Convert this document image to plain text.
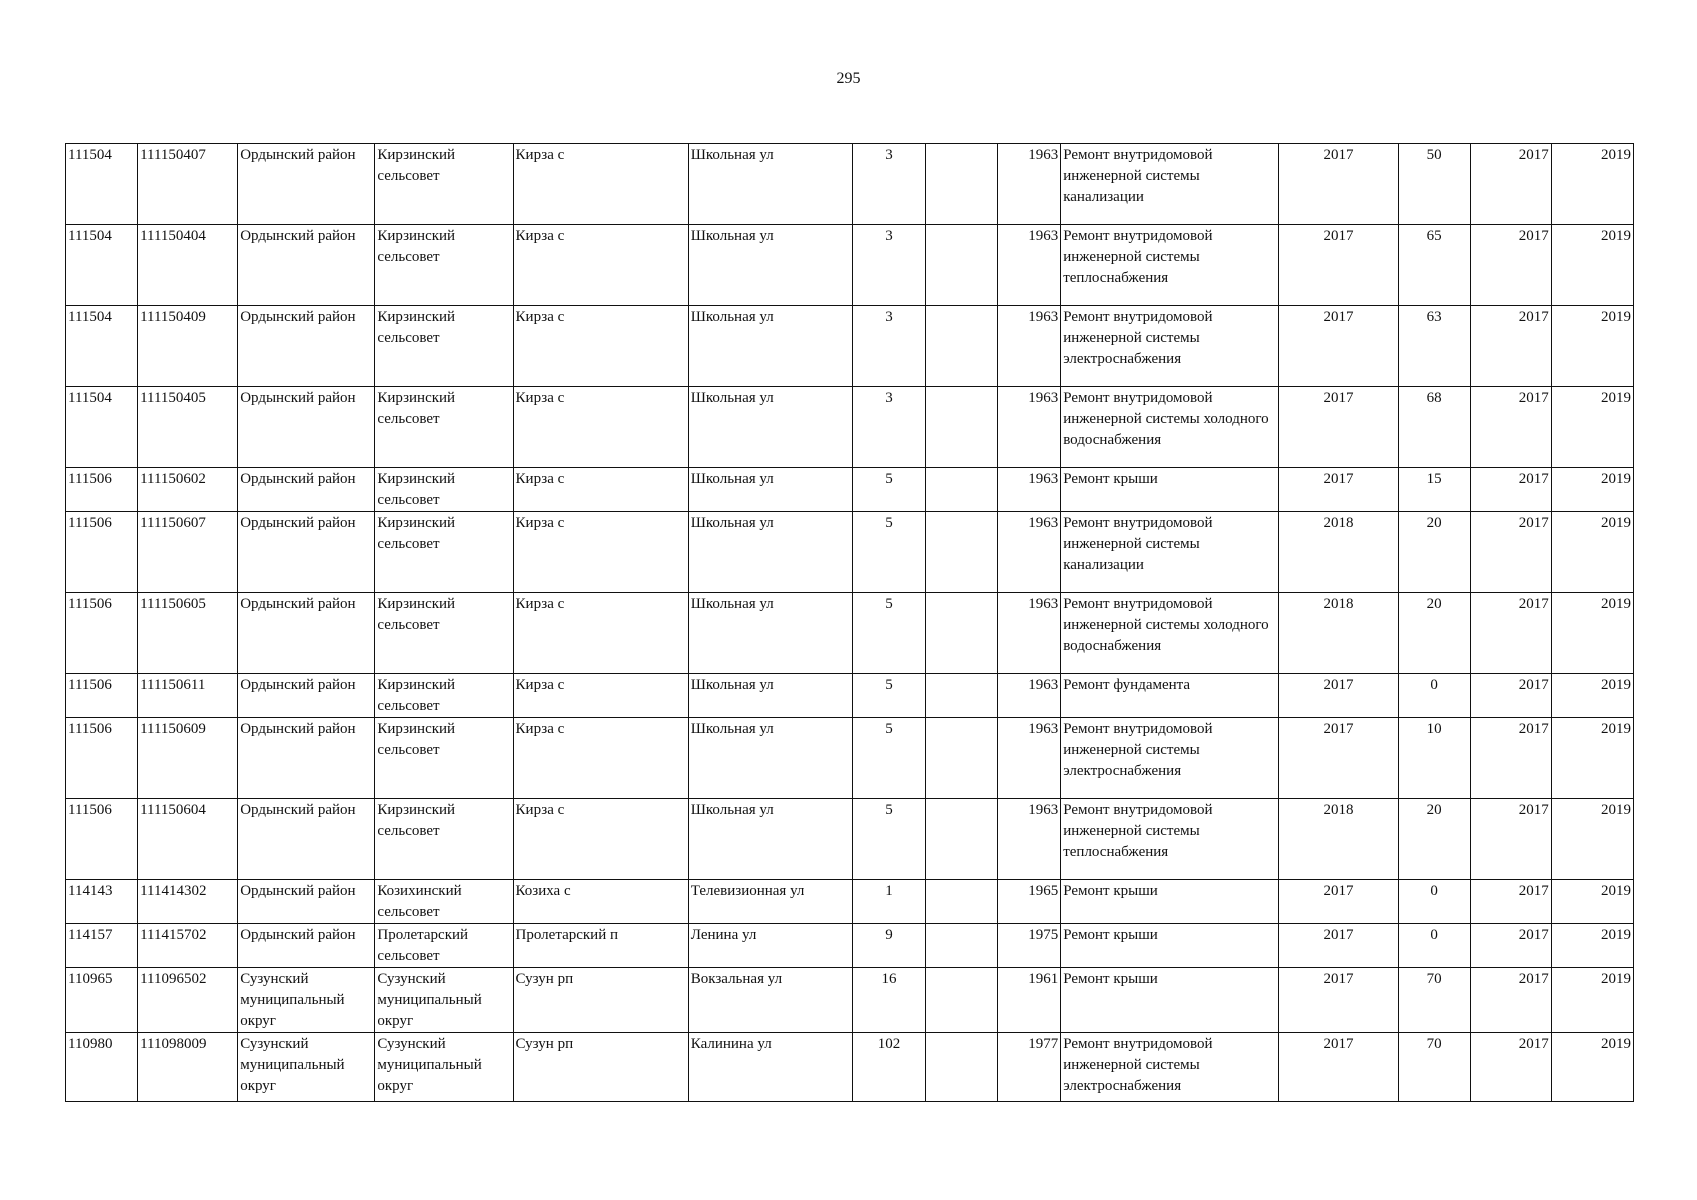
295
111504	111150407	Ордынский район	Кирзинский сельсовет	Кирза с	Школьная ул	3		1963	Ремонт внутридомовой инженерной системы канализации	2017	50	2017	2019
111504	111150404	Ордынский район	Кирзинский сельсовет	Кирза с	Школьная ул	3		1963	Ремонт внутридомовой инженерной системы теплоснабжения	2017	65	2017	2019
111504	111150409	Ордынский район	Кирзинский сельсовет	Кирза с	Школьная ул	3		1963	Ремонт внутридомовой инженерной системы электроснабжения	2017	63	2017	2019
111504	111150405	Ордынский район	Кирзинский сельсовет	Кирза с	Школьная ул	3		1963	Ремонт внутридомовой инженерной системы холодного водоснабжения	2017	68	2017	2019
111506	111150602	Ордынский район	Кирзинский сельсовет	Кирза с	Школьная ул	5		1963	Ремонт крыши	2017	15	2017	2019
111506	111150607	Ордынский район	Кирзинский сельсовет	Кирза с	Школьная ул	5		1963	Ремонт внутридомовой инженерной системы канализации	2018	20	2017	2019
111506	111150605	Ордынский район	Кирзинский сельсовет	Кирза с	Школьная ул	5		1963	Ремонт внутридомовой инженерной системы холодного водоснабжения	2018	20	2017	2019
111506	111150611	Ордынский район	Кирзинский сельсовет	Кирза с	Школьная ул	5		1963	Ремонт фундамента	2017	0	2017	2019
111506	111150609	Ордынский район	Кирзинский сельсовет	Кирза с	Школьная ул	5		1963	Ремонт внутридомовой инженерной системы электроснабжения	2017	10	2017	2019
111506	111150604	Ордынский район	Кирзинский сельсовет	Кирза с	Школьная ул	5		1963	Ремонт внутридомовой инженерной системы теплоснабжения	2018	20	2017	2019
114143	111414302	Ордынский район	Козихинский сельсовет	Козиха с	Телевизионная ул	1		1965	Ремонт крыши	2017	0	2017	2019
114157	111415702	Ордынский район	Пролетарский сельсовет	Пролетарский п	Ленина ул	9		1975	Ремонт крыши	2017	0	2017	2019
110965	111096502	Сузунский муниципальный округ	Сузунский муниципальный округ	Сузун рп	Вокзальная ул	16		1961	Ремонт крыши	2017	70	2017	2019
110980	111098009	Сузунский муниципальный округ	Сузунский муниципальный округ	Сузун рп	Калинина ул	102		1977	Ремонт внутридомовой инженерной системы электроснабжения	2017	70	2017	2019
